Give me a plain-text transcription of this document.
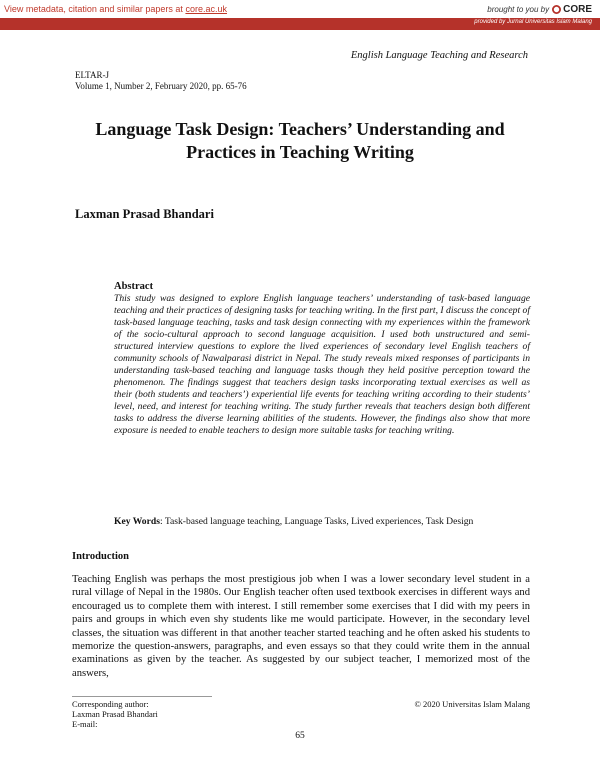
View metadata, citation and similar papers at core.ac.uk	brought to you by CORE
provided by Jurnal Universitas Islam Malang
English Language Teaching and Research
ELTAR-J
Volume 1, Number 2, February 2020, pp. 65-76
Language Task Design: Teachers’ Understanding and Practices in Teaching Writing
Laxman Prasad Bhandari
Abstract
This study was designed to explore English language teachers’ understanding of task-based language teaching and their practices of designing tasks for teaching writing. In the first part, I discuss the concept of task-based language teaching, tasks and task design connecting with my experiences within the framework of the socio-cultural approach to second language acquisition. I used both unstructured and semi-structured interview questions to explore the lived experiences of secondary level English teachers of community schools of Nawalparasi district in Nepal. The study reveals mixed responses of participants in understanding task-based teaching and language tasks though they held positive perception toward the phenomenon. The findings suggest that teachers design tasks incorporating textual exercises as well as their (both students and teachers’) experiential life events for teaching writing according to their students’ level, need, and interest for teaching writing. The study further reveals that teachers design both different tasks to address the diverse learning abilities of the students. However, the findings also show that more exposure is needed to enable teachers to design more suitable tasks for teaching writing.
Key Words: Task-based language teaching, Language Tasks, Lived experiences, Task Design
Introduction
Teaching English was perhaps the most prestigious job when I was a lower secondary level student in a rural village of Nepal in the 1980s. Our English teacher often used textbook exercises in different ways and encouraged us to complete them with interest. I still remember some exercises that I did with my peers in pairs and groups in which even shy students like me would participate. However, in the secondary level classes, the situation was different in that another teacher started teaching and he often asked his students to memorize the question-answers, paragraphs, and even essays so that they could write them in the annual examinations as given by the teacher. As suggested by our subject teacher, I memorized most of the answers,
Corresponding author:
Laxman Prasad Bhandari
E-mail:
© 2020 Universitas Islam Malang
65
